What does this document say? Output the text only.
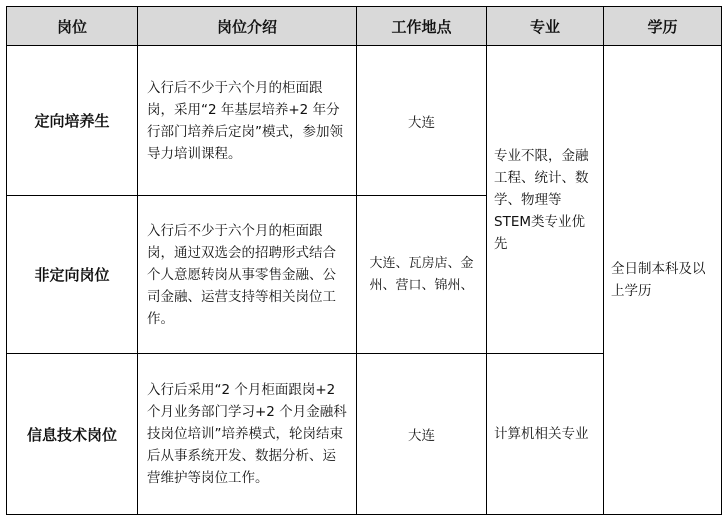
岗位	岗位介绍	工作地点	专业	学历
定向培养生	入行后不少于六个月的柜面跟岗，采用“2 年基层培养+2 年分行部门培养后定岗”模式，参加领导力培训课程。	大连	专业不限，金融工程、统计、数学、物理等STEM类专业优先	全日制本科及以上学历
非定向岗位	入行后不少于六个月的柜面跟岗，通过双选会的招聘形式结合个人意愿转岗从事零售金融、公司金融、运营支持等相关岗位工作。	大连、瓦房店、金州、营口、锦州、		
信息技术岗位	入行后采用“2 个月柜面跟岗+2 个月业务部门学习+2 个月金融科技岗位培训”培养模式，轮岗结束后从事系统开发、数据分析、运营维护等岗位工作。	大连	计算机相关专业	
